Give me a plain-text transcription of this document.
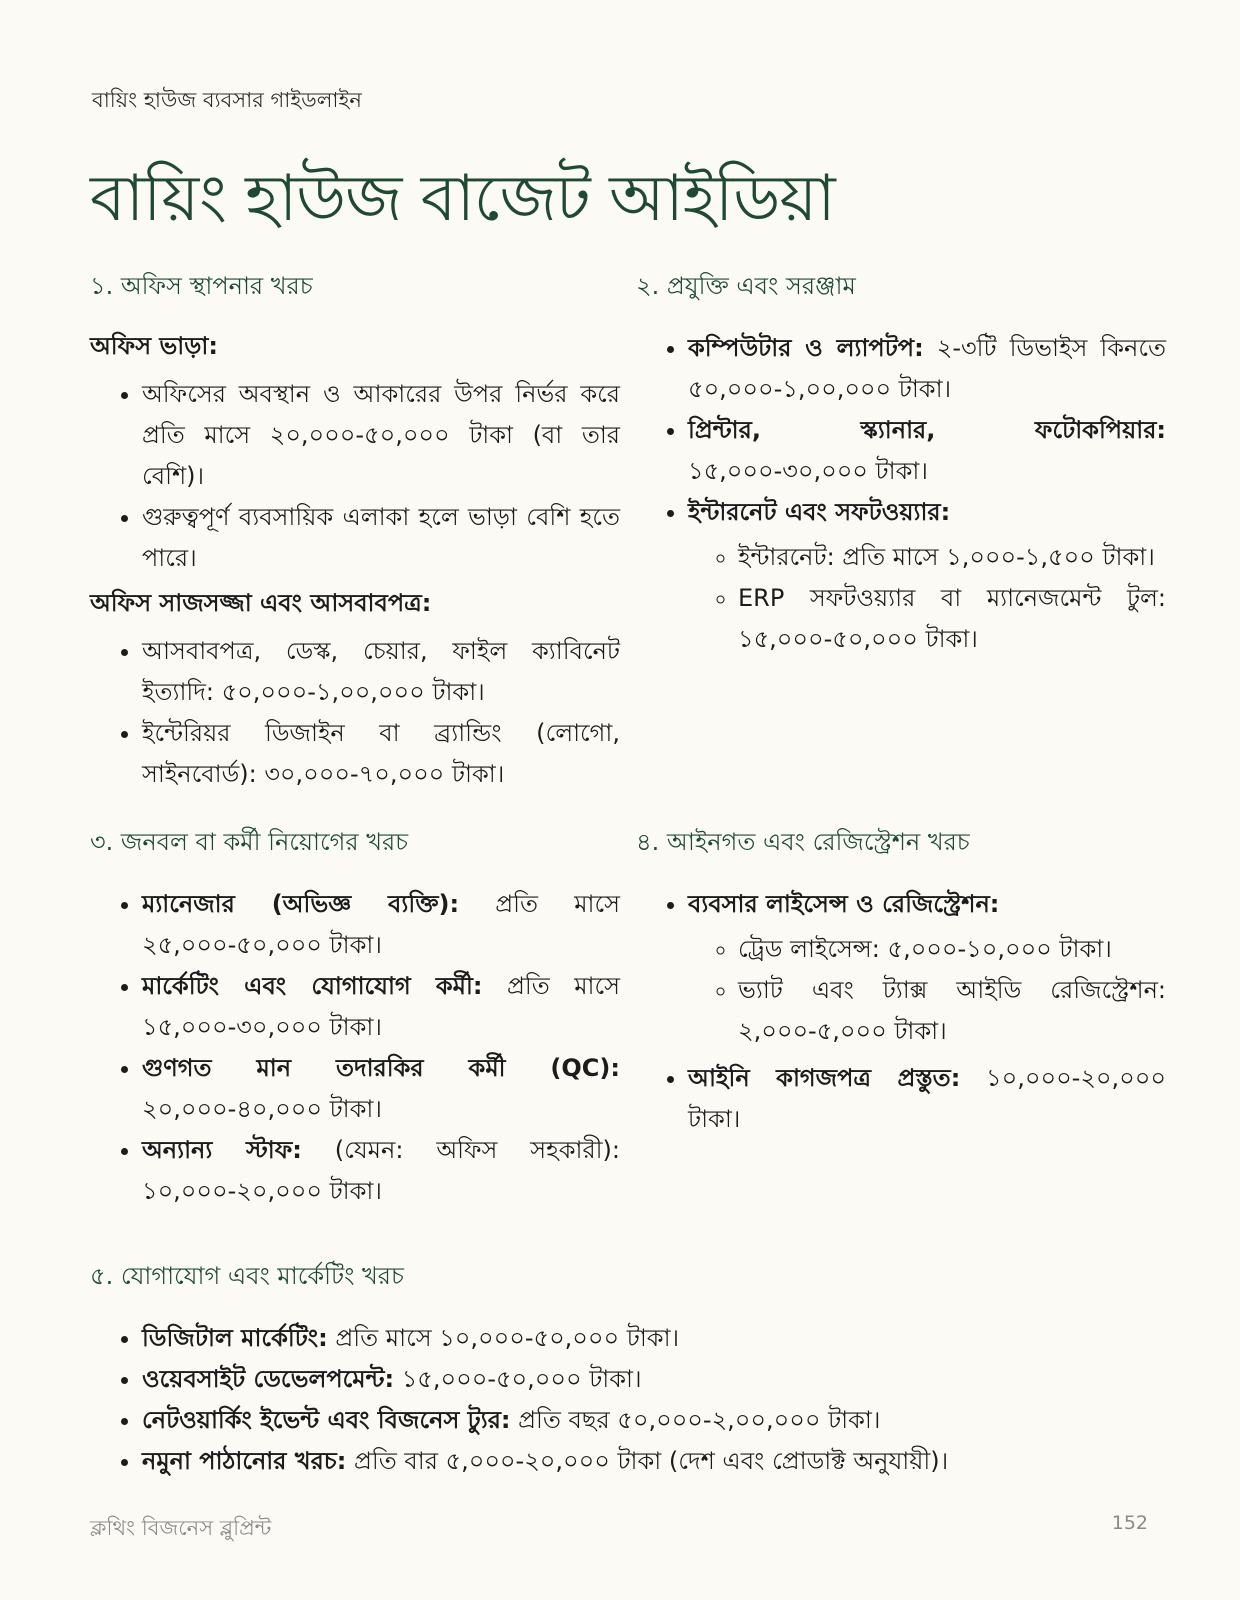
বায়িং হাউজ ব্যবসার গাইডলাইন
বায়িং হাউজ বাজেট আইডিয়া
১. অফিস স্থাপনার খরচ
অফিস ভাড়া:
• অফিসের অবস্থান ও আকারের উপর নির্ভর করে প্রতি মাসে ২০,০০০-৫০,০০০ টাকা (বা তার বেশি)।
• গুরুত্বপূর্ণ ব্যবসায়িক এলাকা হলে ভাড়া বেশি হতে পারে।
অফিস সাজসজ্জা এবং আসবাবপত্র:
• আসবাবপত্র, ডেস্ক, চেয়ার, ফাইল ক্যাবিনেট ইত্যাদি: ৫০,০০০-১,০০,০০০ টাকা।
• ইন্টেরিয়র ডিজাইন বা ব্র্যান্ডিং (লোগো, সাইনবোর্ড): ৩০,০০০-৭০,০০০ টাকা।
২. প্রযুক্তি এবং সরঞ্জাম
• কম্পিউটার ও ল্যাপটপ: ২-৩টি ডিভাইস কিনতে ৫০,০০০-১,০০,০০০ টাকা।
• প্রিন্টার, স্ক্যানার, ফটোকপিয়ার: ১৫,০০০-৩০,০০০ টাকা।
• ইন্টারনেট এবং সফটওয়্যার:
◦ ইন্টারনেট: প্রতি মাসে ১,০০০-১,৫০০ টাকা।
◦ ERP সফটওয়্যার বা ম্যানেজমেন্ট টুল: ১৫,০০০-৫০,০০০ টাকা।
৩. জনবল বা কর্মী নিয়োগের খরচ
• ম্যানেজার (অভিজ্ঞ ব্যক্তি): প্রতি মাসে ২৫,০০০-৫০,০০০ টাকা।
• মার্কেটিং এবং যোগাযোগ কর্মী: প্রতি মাসে ১৫,০০০-৩০,০০০ টাকা।
• গুণগত মান তদারকির কর্মী (QC): ২০,০০০-৪০,০০০ টাকা।
• অন্যান্য স্টাফ: (যেমন: অফিস সহকারী): ১০,০০০-২০,০০০ টাকা।
৪. আইনগত এবং রেজিস্ট্রেশন খরচ
• ব্যবসার লাইসেন্স ও রেজিস্ট্রেশন:
◦ ট্রেড লাইসেন্স: ৫,০০০-১০,০০০ টাকা।
◦ ভ্যাট এবং ট্যাক্স আইডি রেজিস্ট্রেশন: ২,০০০-৫,০০০ টাকা।
• আইনি কাগজপত্র প্রস্তুত: ১০,০০০-২০,০০০ টাকা।
৫. যোগাযোগ এবং মার্কেটিং খরচ
• ডিজিটাল মার্কেটিং: প্রতি মাসে ১০,০০০-৫০,০০০ টাকা।
• ওয়েবসাইট ডেভেলপমেন্ট: ১৫,০০০-৫০,০০০ টাকা।
• নেটওয়ার্কিং ইভেন্ট এবং বিজনেস ট্যুর: প্রতি বছর ৫০,০০০-২,০০,০০০ টাকা।
• নমুনা পাঠানোর খরচ: প্রতি বার ৫,০০০-২০,০০০ টাকা (দেশ এবং প্রোডাক্ট অনুযায়ী)।
ক্লথিং বিজনেস ব্লুপ্রিন্ট	152
